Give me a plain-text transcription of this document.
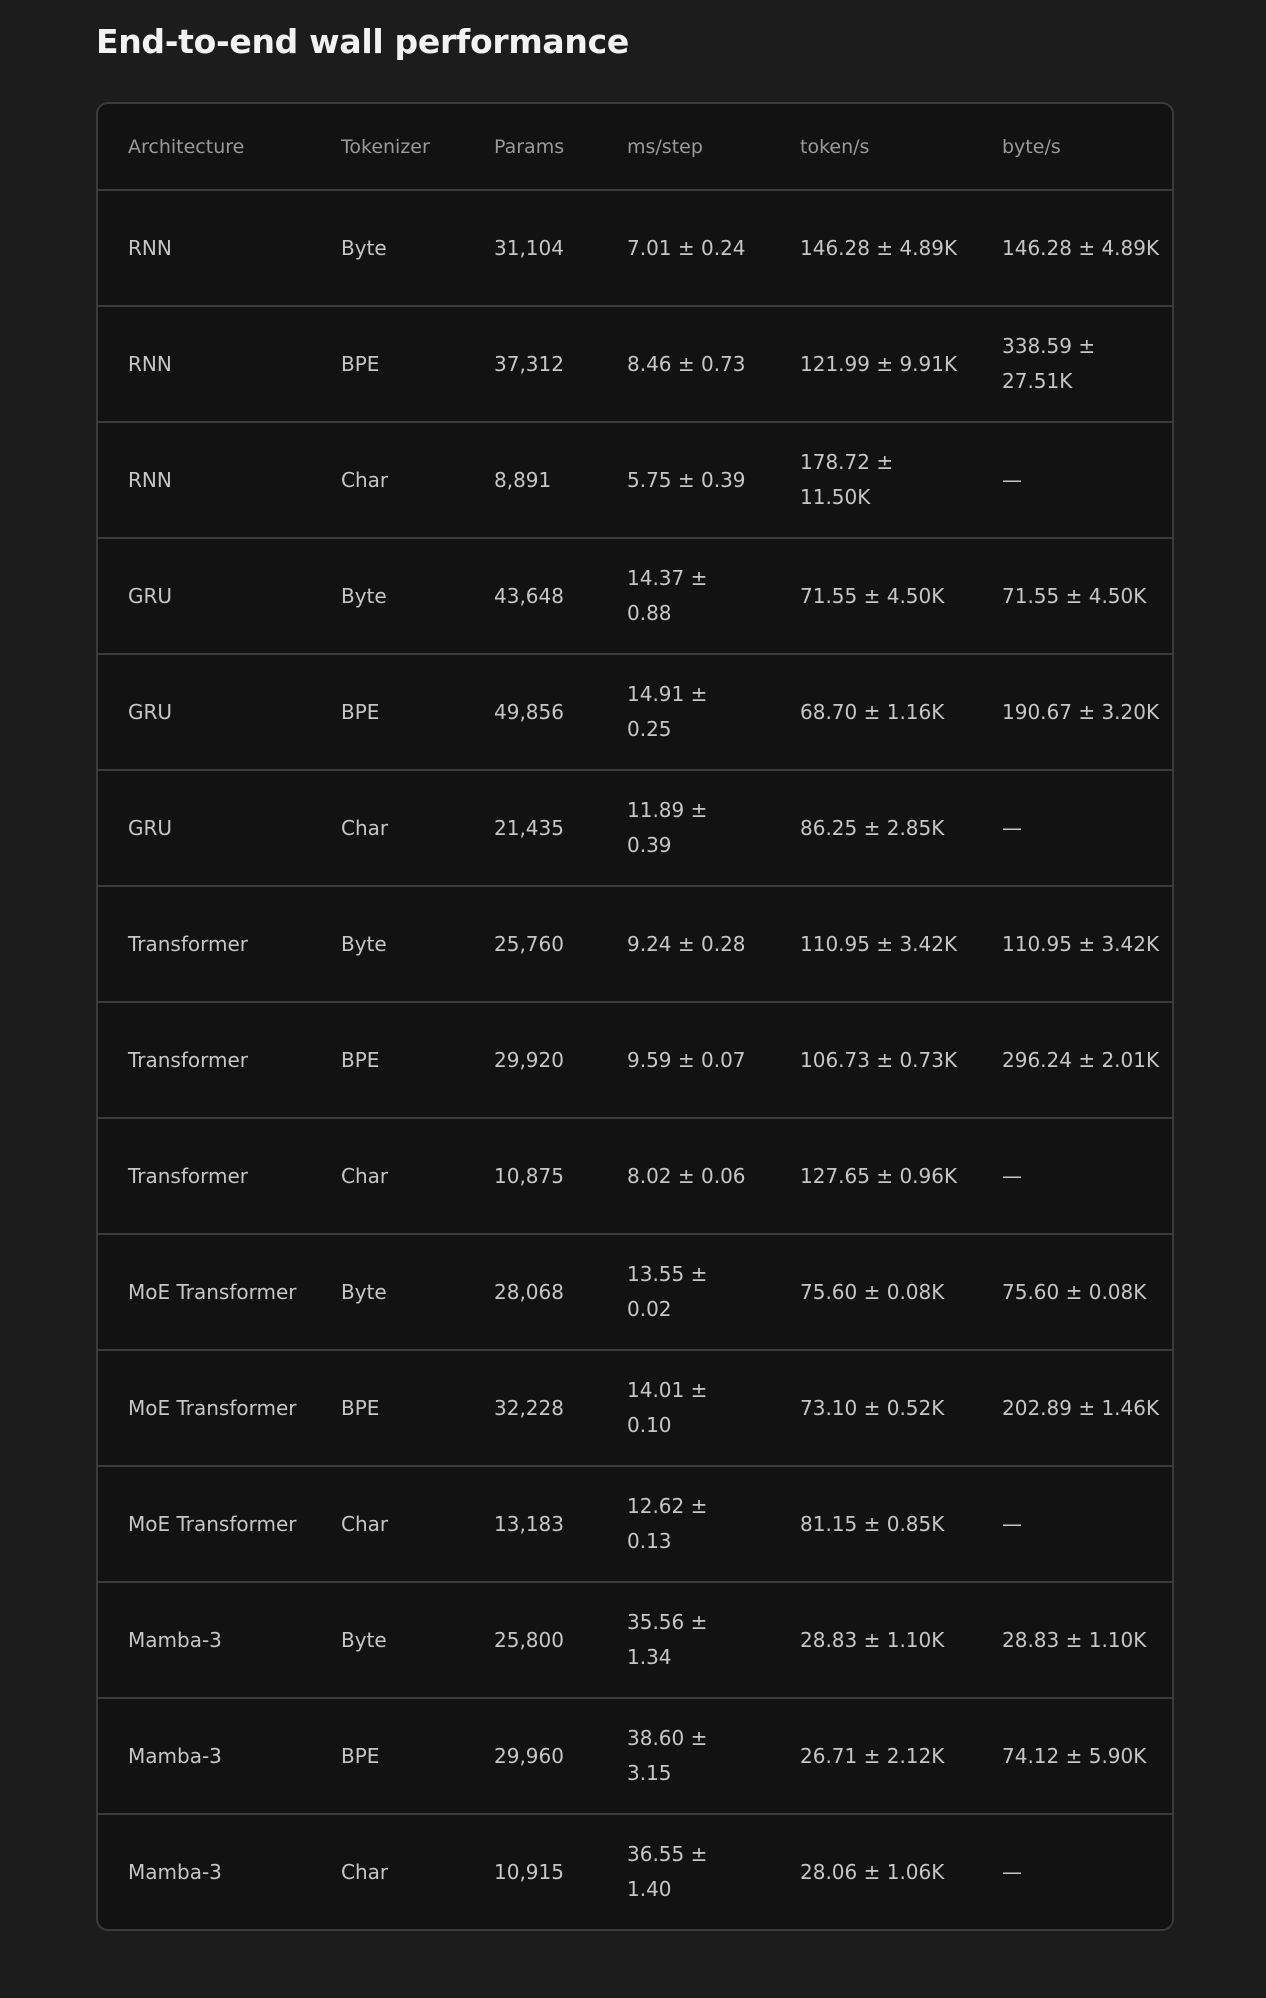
End-to-end wall performance
Architecture	Tokenizer	Params	ms/step	token/s	byte/s
RNN	Byte	31,104	7.01 ± 0.24	146.28 ± 4.89K	146.28 ± 4.89K
RNN	BPE	37,312	8.46 ± 0.73	121.99 ± 9.91K	338.59 ± 27.51K
RNN	Char	8,891	5.75 ± 0.39	178.72 ± 11.50K	—
GRU	Byte	43,648	14.37 ± 0.88	71.55 ± 4.50K	71.55 ± 4.50K
GRU	BPE	49,856	14.91 ± 0.25	68.70 ± 1.16K	190.67 ± 3.20K
GRU	Char	21,435	11.89 ± 0.39	86.25 ± 2.85K	—
Transformer	Byte	25,760	9.24 ± 0.28	110.95 ± 3.42K	110.95 ± 3.42K
Transformer	BPE	29,920	9.59 ± 0.07	106.73 ± 0.73K	296.24 ± 2.01K
Transformer	Char	10,875	8.02 ± 0.06	127.65 ± 0.96K	—
MoE Transformer	Byte	28,068	13.55 ± 0.02	75.60 ± 0.08K	75.60 ± 0.08K
MoE Transformer	BPE	32,228	14.01 ± 0.10	73.10 ± 0.52K	202.89 ± 1.46K
MoE Transformer	Char	13,183	12.62 ± 0.13	81.15 ± 0.85K	—
Mamba-3	Byte	25,800	35.56 ± 1.34	28.83 ± 1.10K	28.83 ± 1.10K
Mamba-3	BPE	29,960	38.60 ± 3.15	26.71 ± 2.12K	74.12 ± 5.90K
Mamba-3	Char	10,915	36.55 ± 1.40	28.06 ± 1.06K	—
